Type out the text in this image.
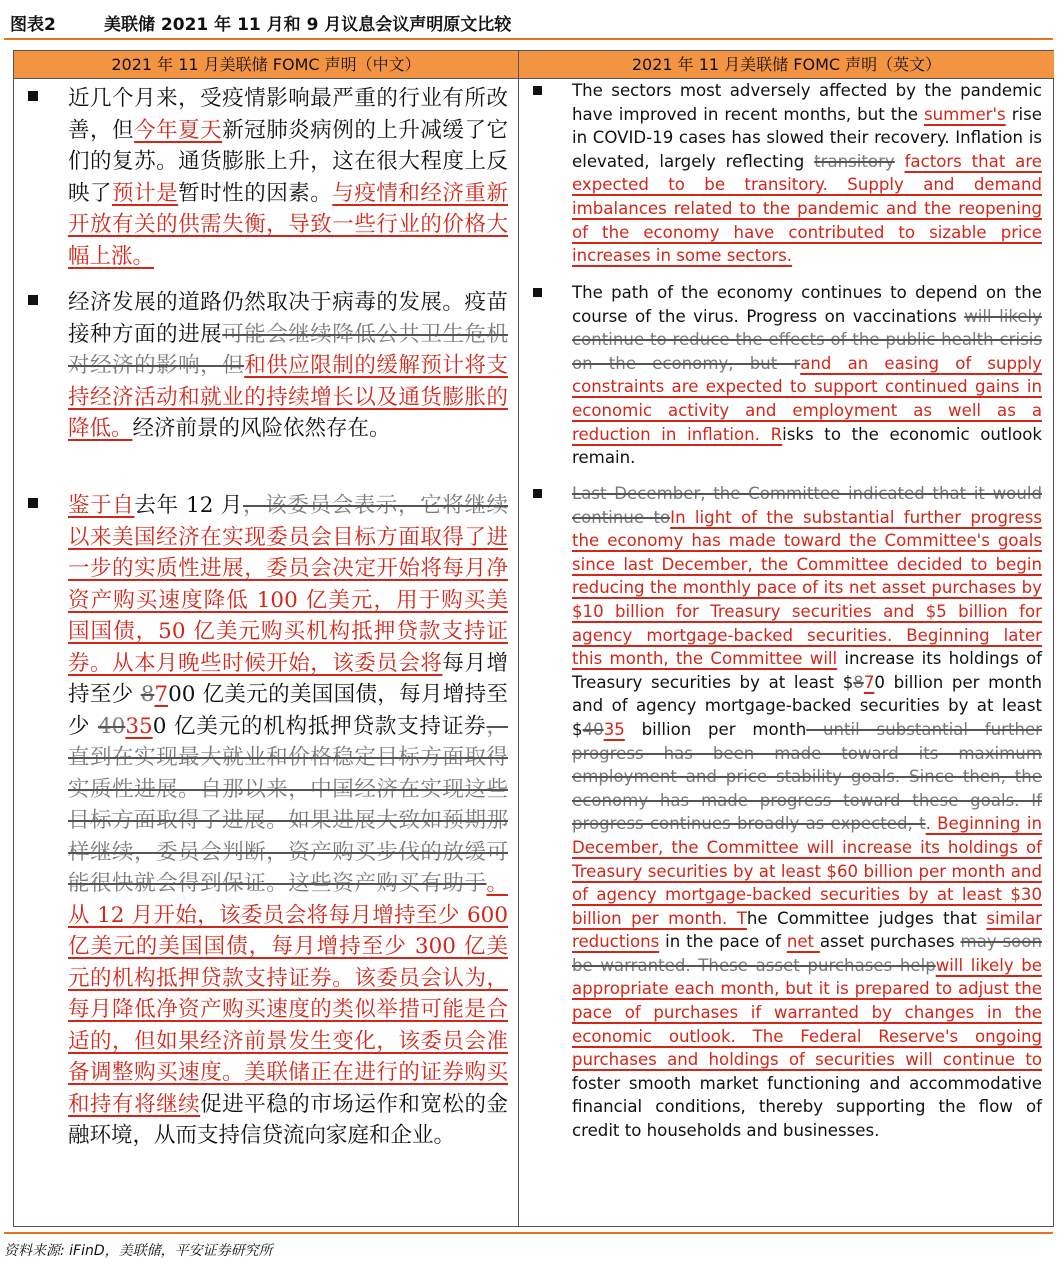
图表2	美联储 2021 年 11 月和 9 月议息会议声明原文比较
2021 年 11 月美联储 FOMC 声明（中文）	2021 年 11 月美联储 FOMC 声明（英文）
近几个月来，受疫情影响最严重的行业有所改善，但今年夏天新冠肺炎病例的上升减缓了它们的复苏。通货膨胀上升，这在很大程度上反映了预计是暂时性的因素。与疫情和经济重新开放有关的供需失衡，导致一些行业的价格大幅上涨。
经济发展的道路仍然取决于病毒的发展。疫苗接种方面的进展可能会继续降低公共卫生危机对经济的影响，但和供应限制的缓解预计将支持经济活动和就业的持续增长以及通货膨胀的降低。经济前景的风险依然存在。
鉴于自去年 12 月，该委员会表示，它将继续以来美国经济在实现委员会目标方面取得了进一步的实质性进展，委员会决定开始将每月净资产购买速度降低 100 亿美元，用于购买美国国债，50 亿美元购买机构抵押贷款支持证券。从本月晚些时候开始，该委员会将每月增持至少 8700 亿美元的美国国债，每月增持至少 40350 亿美元的机构抵押贷款支持证券，直到在实现最大就业和价格稳定目标方面取得实质性进展。自那以来，中国经济在实现这些目标方面取得了进展。如果进展大致如预期那样继续，委员会判断，资产购买步伐的放缓可能很快就会得到保证。这些资产购买有助于。从 12 月开始，该委员会将每月增持至少 600 亿美元的美国国债，每月增持至少 300 亿美元的机构抵押贷款支持证券。该委员会认为，每月降低净资产购买速度的类似举措可能是合适的，但如果经济前景发生变化，该委员会准备调整购买速度。美联储正在进行的证券购买和持有将继续促进平稳的市场运作和宽松的金融环境，从而支持信贷流向家庭和企业。
The sectors most adversely affected by the pandemic have improved in recent months, but the summer's rise in COVID-19 cases has slowed their recovery. Inflation is elevated, largely reflecting transitory factors that are expected to be transitory. Supply and demand imbalances related to the pandemic and the reopening of the economy have contributed to sizable price increases in some sectors.
The path of the economy continues to depend on the course of the virus. Progress on vaccinations will likely continue to reduce the effects of the public health crisis on the economy, but rand an easing of supply constraints are expected to support continued gains in economic activity and employment as well as a reduction in inflation. Risks to the economic outlook remain.
Last December, the Committee indicated that it would continue toIn light of the substantial further progress the economy has made toward the Committee's goals since last December, the Committee decided to begin reducing the monthly pace of its net asset purchases by $10 billion for Treasury securities and $5 billion for agency mortgage-backed securities. Beginning later this month, the Committee will increase its holdings of Treasury securities by at least $870 billion per month and of agency mortgage-backed securities by at least $4035 billion per month until substantial further progress has been made toward its maximum employment and price stability goals. Since then, the economy has made progress toward these goals. If progress continues broadly as expected, t. Beginning in December, the Committee will increase its holdings of Treasury securities by at least $60 billion per month and of agency mortgage-backed securities by at least $30 billion per month. The Committee judges that similar reductions in the pace of net asset purchases may soon be warranted. These asset purchases helpwill likely be appropriate each month, but it is prepared to adjust the pace of purchases if warranted by changes in the economic outlook. The Federal Reserve's ongoing purchases and holdings of securities will continue to foster smooth market functioning and accommodative financial conditions, thereby supporting the flow of credit to households and businesses.
资料来源: iFinD，美联储，平安证券研究所
